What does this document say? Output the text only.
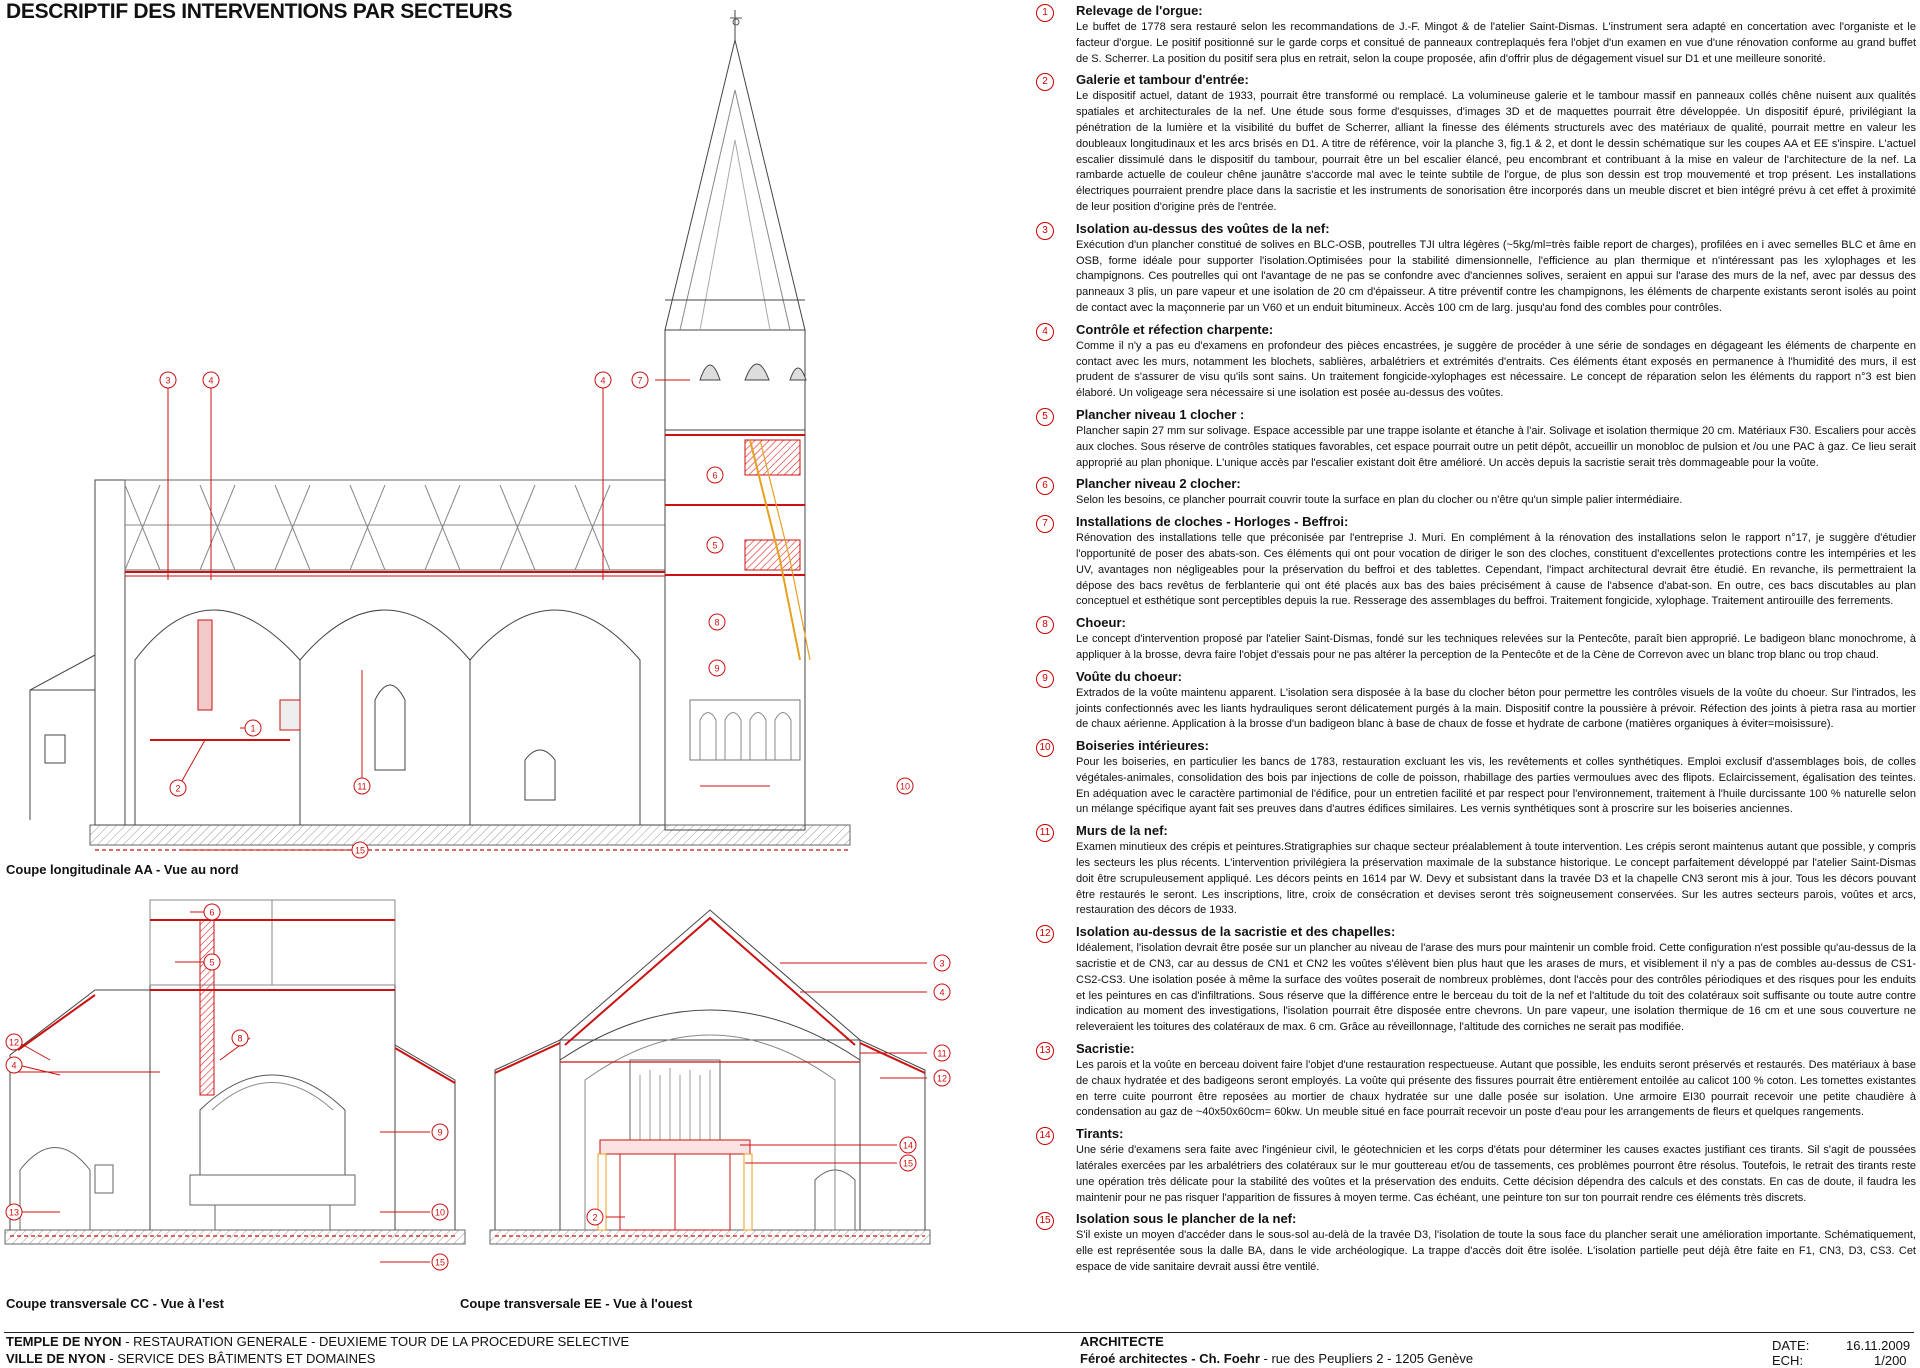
DESCRIPTIF DES INTERVENTIONS PAR SECTEURS
3	4	4	7
1
2	11
15
10
6
5
8
9
6
5
8
12
4
9
10
13
15
3
4
11
12
14
15
2
Coupe longitudinale AA - Vue au nord
Coupe transversale CC - Vue à l'est	Coupe transversale EE - Vue à l'ouest
1	Relevage de l'orgue:
Le buffet de 1778 sera restauré selon les recommandations de J.-F. Mingot & de l'atelier Saint-Dismas. L'instrument sera adapté en concertation avec l'organiste et le facteur d'orgue. Le positif positionné sur le garde corps et consitué de panneaux contreplaqués fera l'objet d'un examen en vue d'une rénovation conforme au grand buffet de S. Scherrer. La position du positif sera plus en retrait, selon la coupe proposée, afin d'offrir plus de dégagement visuel sur D1 et une meilleure sonorité.
2	Galerie et tambour d'entrée:
Le dispositif actuel, datant de 1933, pourrait être transformé ou remplacé. La volumineuse galerie et le tambour massif en panneaux collés chêne nuisent aux qualités spatiales et architecturales de la nef. Une étude sous forme d'esquisses, d'images 3D et de maquettes pourrait être développée. Un dispositif épuré, privilégiant la pénétration de la lumière et la visibilité du buffet de Scherrer, alliant la finesse des éléments structurels avec des matériaux de qualité, pourrait mettre en valeur les doubleaux longitudinaux et les arcs brisés en D1. A titre de référence, voir la planche 3, fig.1 & 2, et dont le dessin schématique sur les coupes AA et EE s'inspire. L'actuel escalier dissimulé dans le dispositif du tambour, pourrait être un bel escalier élancé, peu encombrant et contribuant à la mise en valeur de l'architecture de la nef. La rambarde actuelle de couleur chêne jaunâtre s'accorde mal avec le teinte subtile de l'orgue, de plus son dessin est trop mouvementé et trop présent. Les installations électriques pourraient prendre place dans la sacristie et les instruments de sonorisation être incorporés dans un meuble discret et bien intégré prévu à cet effet à proximité de leur position d'origine près de l'entrée.
3	Isolation au-dessus des voûtes de la nef:
Exécution d'un plancher constitué de solives en BLC-OSB, poutrelles TJI ultra légères (~5kg/ml=très faible report de charges), profilées en i avec semelles BLC et âme en OSB, forme idéale pour supporter l'isolation.Optimisées pour la stabilité dimensionnelle, l'efficience au plan thermique et n'intéressant pas les xylophages et les champignons. Ces poutrelles qui ont l'avantage de ne pas se confondre avec d'anciennes solives, seraient en appui sur l'arase des murs de la nef, avec par dessus des panneaux 3 plis, un pare vapeur et une isolation de 20 cm d'épaisseur. A titre préventif contre les champignons, les éléments de charpente existants seront isolés au point de contact avec la maçonnerie par un V60 et un enduit bitumineux. Accès 100 cm de larg. jusqu'au fond des combles pour contrôles.
4	Contrôle et réfection charpente:
Comme il n'y a pas eu d'examens en profondeur des pièces encastrées, je suggère de procéder à une série de sondages en dégageant les éléments de charpente en contact avec les murs, notamment les blochets, sablières, arbalétriers et extrémités d'entraits. Ces éléments étant exposés en permanence à l'humidité des murs, il est prudent de s'assurer de visu qu'ils sont sains. Un traitement fongicide-xylophages est nécessaire. Le concept de réparation selon les éléments du rapport n°3 est bien élaboré. Un voligeage sera nécessaire si une isolation est posée au-dessus des voûtes.
5	Plancher niveau 1 clocher :
Plancher sapin 27 mm sur solivage. Espace accessible par une trappe isolante et étanche à l'air. Solivage et isolation thermique 20 cm. Matériaux F30. Escaliers pour accès aux cloches. Sous réserve de contrôles statiques favorables, cet espace pourrait outre un petit dépôt, accueillir un monobloc de pulsion et /ou une PAC à gaz. Ce lieu serait approprié au plan phonique. L'unique accès par l'escalier existant doit être amélioré. Un accès depuis la sacristie serait très dommageable pour la voûte.
6	Plancher niveau 2 clocher:
Selon les besoins, ce plancher pourrait couvrir toute la surface en plan du clocher ou n'être qu'un simple palier intermédiaire.
7	Installations de cloches - Horloges - Beffroi:
Rénovation des installations telle que préconisée par l'entreprise J. Muri. En complément à la rénovation des installations selon le rapport n°17, je suggère d'étudier l'opportunité de poser des abats-son. Ces éléments qui ont pour vocation de diriger le son des cloches, constituent d'excellentes protections contre les intempéries et les UV, avantages non négligeables pour la préservation du beffroi et des tablettes. Cependant, l'impact architectural devrait être étudié. En revanche, ils permettraient la dépose des bacs revêtus de ferblanterie qui ont été placés aux bas des baies précisément à cause de l'absence d'abat-son. En outre, ces bacs discutables au plan conceptuel et esthétique sont perceptibles depuis la rue. Resserage des assemblages du beffroi. Traitement fongicide, xylophage. Traitement antirouille des ferrements.
8	Choeur:
Le concept d'intervention proposé par l'atelier Saint-Dismas, fondé sur les techniques relevées sur la Pentecôte, paraît bien approprié. Le badigeon blanc monochrome, à appliquer à la brosse, devra faire l'objet d'essais pour ne pas altérer la perception de la Pentecôte et de la Cène de Correvon avec un blanc trop blanc ou trop chaud.
9	Voûte du choeur:
Extrados de la voûte maintenu apparent. L'isolation sera disposée à la base du clocher béton pour permettre les contrôles visuels de la voûte du choeur. Sur l'intrados, les joints confectionnés avec les liants hydrauliques seront délicatement purgés à la main. Dispositif contre la poussière à prévoir. Réfection des joints à pietra rasa au mortier de chaux aérienne. Application à la brosse d'un badigeon blanc à base de chaux de fosse et hydrate de carbone (matières organiques à éviter=moisissure).
10 Boiseries intérieures:
Pour les boiseries, en particulier les bancs de 1783, restauration excluant les vis, les revêtements et colles synthétiques. Emploi exclusif d'assemblages bois, de colles végétales-animales, consolidation des bois par injections de colle de poisson, rhabillage des parties vermoulues avec des flipots. Eclaircissement, égalisation des teintes. En adéquation avec le caractère partimonial de l'édifice, pour un entretien facilité et par respect pour l'environnement, traitement à l'huile durcissante 100 % naturelle selon un mélange spécifique ayant fait ses preuves dans d'autres édifices similaires. Les vernis synthétiques sont à proscrire sur les boiseries anciennes.
11 Murs de la nef:
Examen minutieux des crépis et peintures.Stratigraphies sur chaque secteur préalablement à toute intervention. Les crépis seront maintenus autant que possible, y compris les secteurs les plus récents. L'intervention privilégiera la préservation maximale de la substance historique. Le concept parfaitement développé par l'atelier Saint-Dismas doit être scrupuleusement appliqué. Les décors peints en 1614 par W. Devy et subsistant dans la travée D3 et la chapelle CN3 seront mis à jour. Tous les décors pouvant être restaurés le seront. Les inscriptions, litre, croix de consécration et devises seront très soigneusement conservées. Sur les autres secteurs parois, voûtes et arcs, restauration des décors de 1933.
12 Isolation au-dessus de la sacristie et des chapelles:
Idéalement, l'isolation devrait être posée sur un plancher au niveau de l'arase des murs pour maintenir un comble froid. Cette configuration n'est possible qu'au-dessus de la sacristie et de CN3, car au dessus de CN1 et CN2 les voûtes s'élèvent bien plus haut que les arases de murs, et visiblement il n'y a pas de combles au-dessus de CS1-CS2-CS3. Une isolation posée à même la surface des voûtes poserait de nombreux problèmes, dont l'accès pour des contrôles périodiques et des risques pour les enduits et les peintures en cas d'infiltrations. Sous réserve que la différence entre le berceau du toit de la nef et l'altitude du toit des colatéraux soit suffisante ou toute autre contre indication au moment des investigations, l'isolation pourrait être disposée entre chevrons. Un pare vapeur, une isolation thermique de 16 cm et une sous couverture ne releveraient les toitures des colatéraux de max. 6 cm. Grâce au réveillonnage, l'altitude des corniches ne serait pas modifiée.
13 Sacristie:
Les parois et la voûte en berceau doivent faire l'objet d'une restauration respectueuse. Autant que possible, les enduits seront préservés et restaurés. Des matériaux à base de chaux hydratée et des badigeons seront employés. La voûte qui présente des fissures pourrait être entièrement entoilée au calicot 100 % coton. Les tomettes existantes en terre cuite pourront être reposées au mortier de chaux hydratée sur une dalle posée sur isolation. Une armoire EI30 pourrait recevoir une petite chaudière à condensation au gaz de ~40x50x60cm= 60kw. Un meuble situé en face pourrait recevoir un poste d'eau pour les arrangements de fleurs et quelques rangements.
14 Tirants:
Une série d'examens sera faite avec l'ingénieur civil, le géotechnicien et les corps d'états pour déterminer les causes exactes justifiant ces tirants. Sil s'agit de poussées latérales exercées par les arbalétriers des colatéraux sur le mur gouttereau et/ou de tassements, ces problèmes pourront être résolus. Toutefois, le retrait des tirants reste une opération très délicate pour la stabilité des voûtes et la préservation des enduits. Cette décision dépendra des calculs et des constats. En cas de doute, il faudra les maintenir pour ne pas risquer l'apparition de fissures à moyen terme. Cas échéant, une peinture ton sur ton pourrait rendre ces éléments très discrets.
15 Isolation sous le plancher de la nef:
S'il existe un moyen d'accéder dans le sous-sol au-delà de la travée D3, l'isolation de toute la sous face du plancher serait une amélioration importante. Schématiquement, elle est représentée sous la dalle BA, dans le vide archéologique. La trappe d'accès doit être isolée. L'isolation partielle peut déjà être faite en F1, CN3, D3, CS3. Cet espace de vide sanitaire devrait aussi être ventilé.
TEMPLE DE NYON - RESTAURATION GENERALE - DEUXIEME TOUR DE LA PROCEDURE SELECTIVE
VILLE DE NYON - SERVICE DES BÂTIMENTS ET DOMAINES
ARCHITECTE
Féroé architectes - Ch. Foehr - rue des Peupliers 2 - 1205 Genève
DATE:	16.11.2009
ECH:	1/200
